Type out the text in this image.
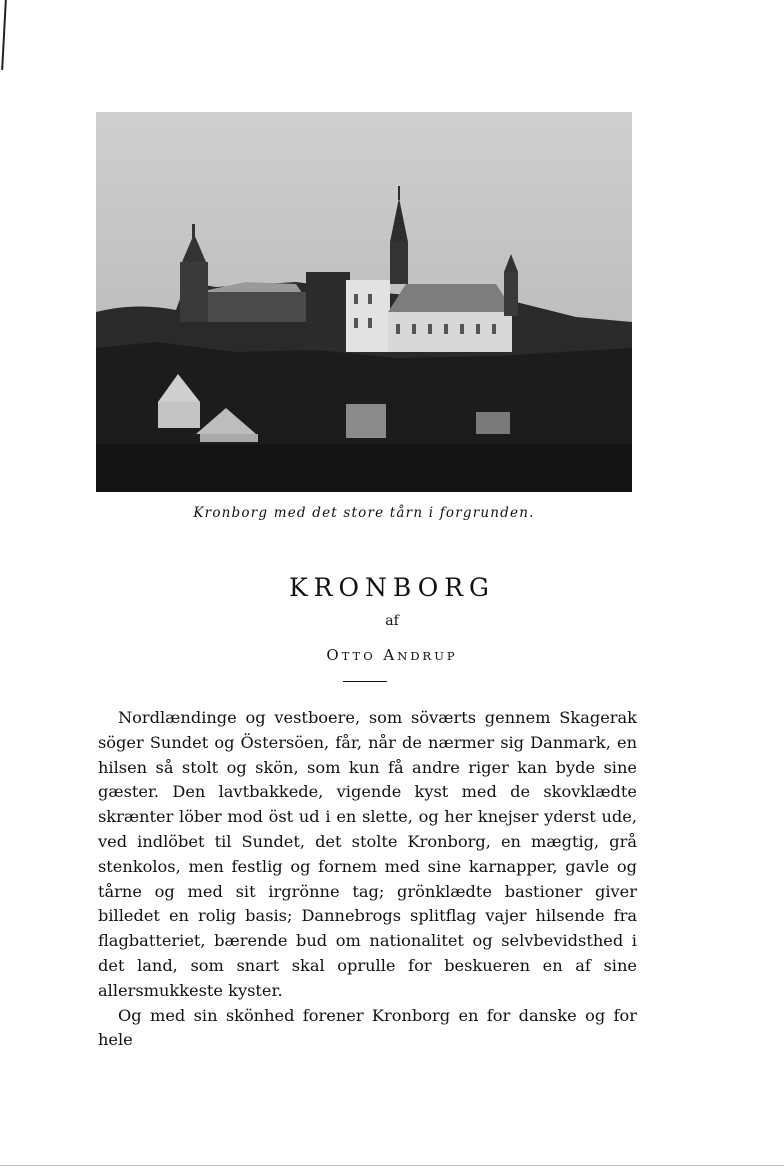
Kronborg med det store tårn i forgrunden.
KRONBORG
af
OTTO ANDRUP

Nordlændinge og vestboere, som söværts gennem Skagerak söger Sundet og Östersöen, får, når de nærmer sig Danmark, en hilsen så stolt og skön, som kun få andre riger kan byde sine gæster. Den lavtbakkede, vigende kyst med de skovklædte skrænter löber mod öst ud i en slette, og her knejser yderst ude, ved indlöbet til Sundet, det stolte Kronborg, en mægtig, grå stenkolos, men festlig og fornem med sine karnapper, gavle og tårne og med sit irgrönne tag; grönklædte bastioner giver billedet en rolig basis; Dannebrogs splitflag vajer hilsende fra flagbatteriet, bærende bud om nationalitet og selvbevidsthed i det land, som snart skal oprulle for beskueren en af sine allersmukkeste kyster.

Og med sin skönhed forener Kronborg en for danske og for hele
